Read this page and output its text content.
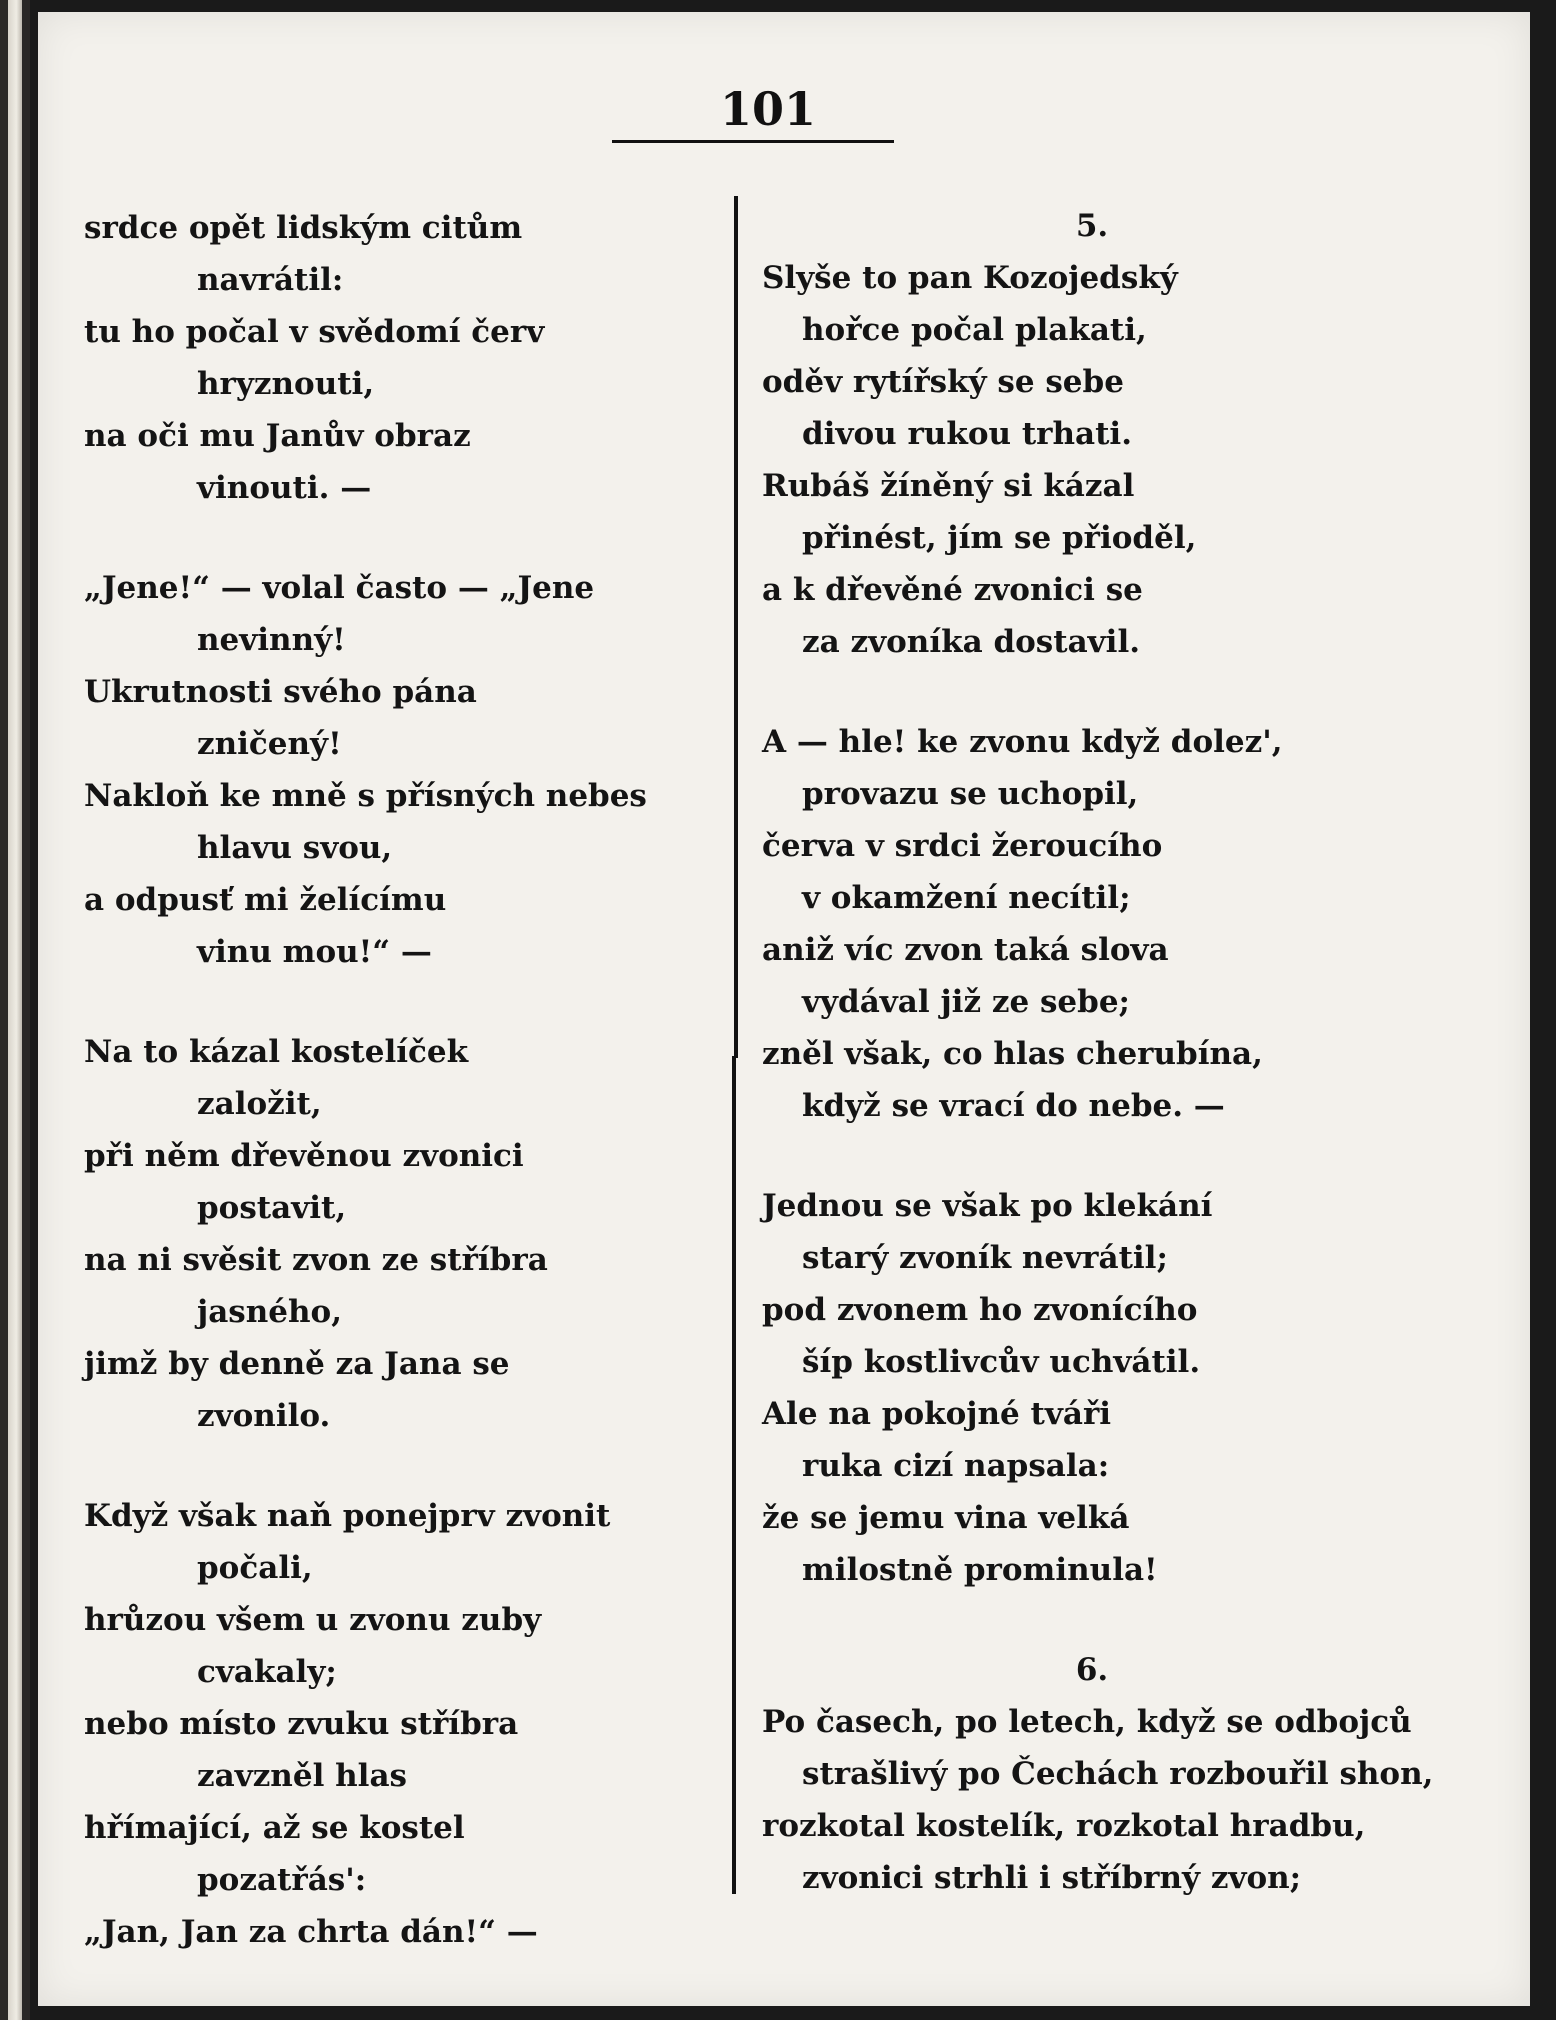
101
srdce opět lidským citům
navrátil:
tu ho počal v svědomí červ
hryznouti,
na oči mu Janův obraz
vinouti. —
„Jene!“ — volal často — „Jene
nevinný!
Ukrutnosti svého pána
zničený!
Nakloň ke mně s přísných nebes
hlavu svou,
a odpusť mi želícímu
vinu mou!“ —
Na to kázal kostelíček
založit,
při něm dřevěnou zvonici
postavit,
na ni svěsit zvon ze stříbra
jasného,
jimž by denně za Jana se
zvonilo.
Když však naň ponejprv zvonit
počali,
hrůzou všem u zvonu zuby
cvakaly;
nebo místo zvuku stříbra
zavzněl hlas
hřímající, až se kostel
pozatřás':
„Jan, Jan za chrta dán!“ —
5.
Slyše to pan Kozojedský
hořce počal plakati,
oděv rytířský se sebe
divou rukou trhati.
Rubáš žíněný si kázal
přinést, jím se přioděl,
a k dřevěné zvonici se
za zvoníka dostavil.
A — hle! ke zvonu když dolez',
provazu se uchopil,
červa v srdci žeroucího
v okamžení necítil;
aniž víc zvon taká slova
vydával již ze sebe;
zněl však, co hlas cherubína,
když se vrací do nebe. —
Jednou se však po klekání
starý zvoník nevrátil;
pod zvonem ho zvonícího
šíp kostlivcův uchvátil.
Ale na pokojné tváři
ruka cizí napsala:
že se jemu vina velká
milostně prominula!
6.
Po časech, po letech, když se odbojců
strašlivý po Čechách rozbouřil shon,
rozkotal kostelík, rozkotal hradbu,
zvonici strhli i stříbrný zvon;
